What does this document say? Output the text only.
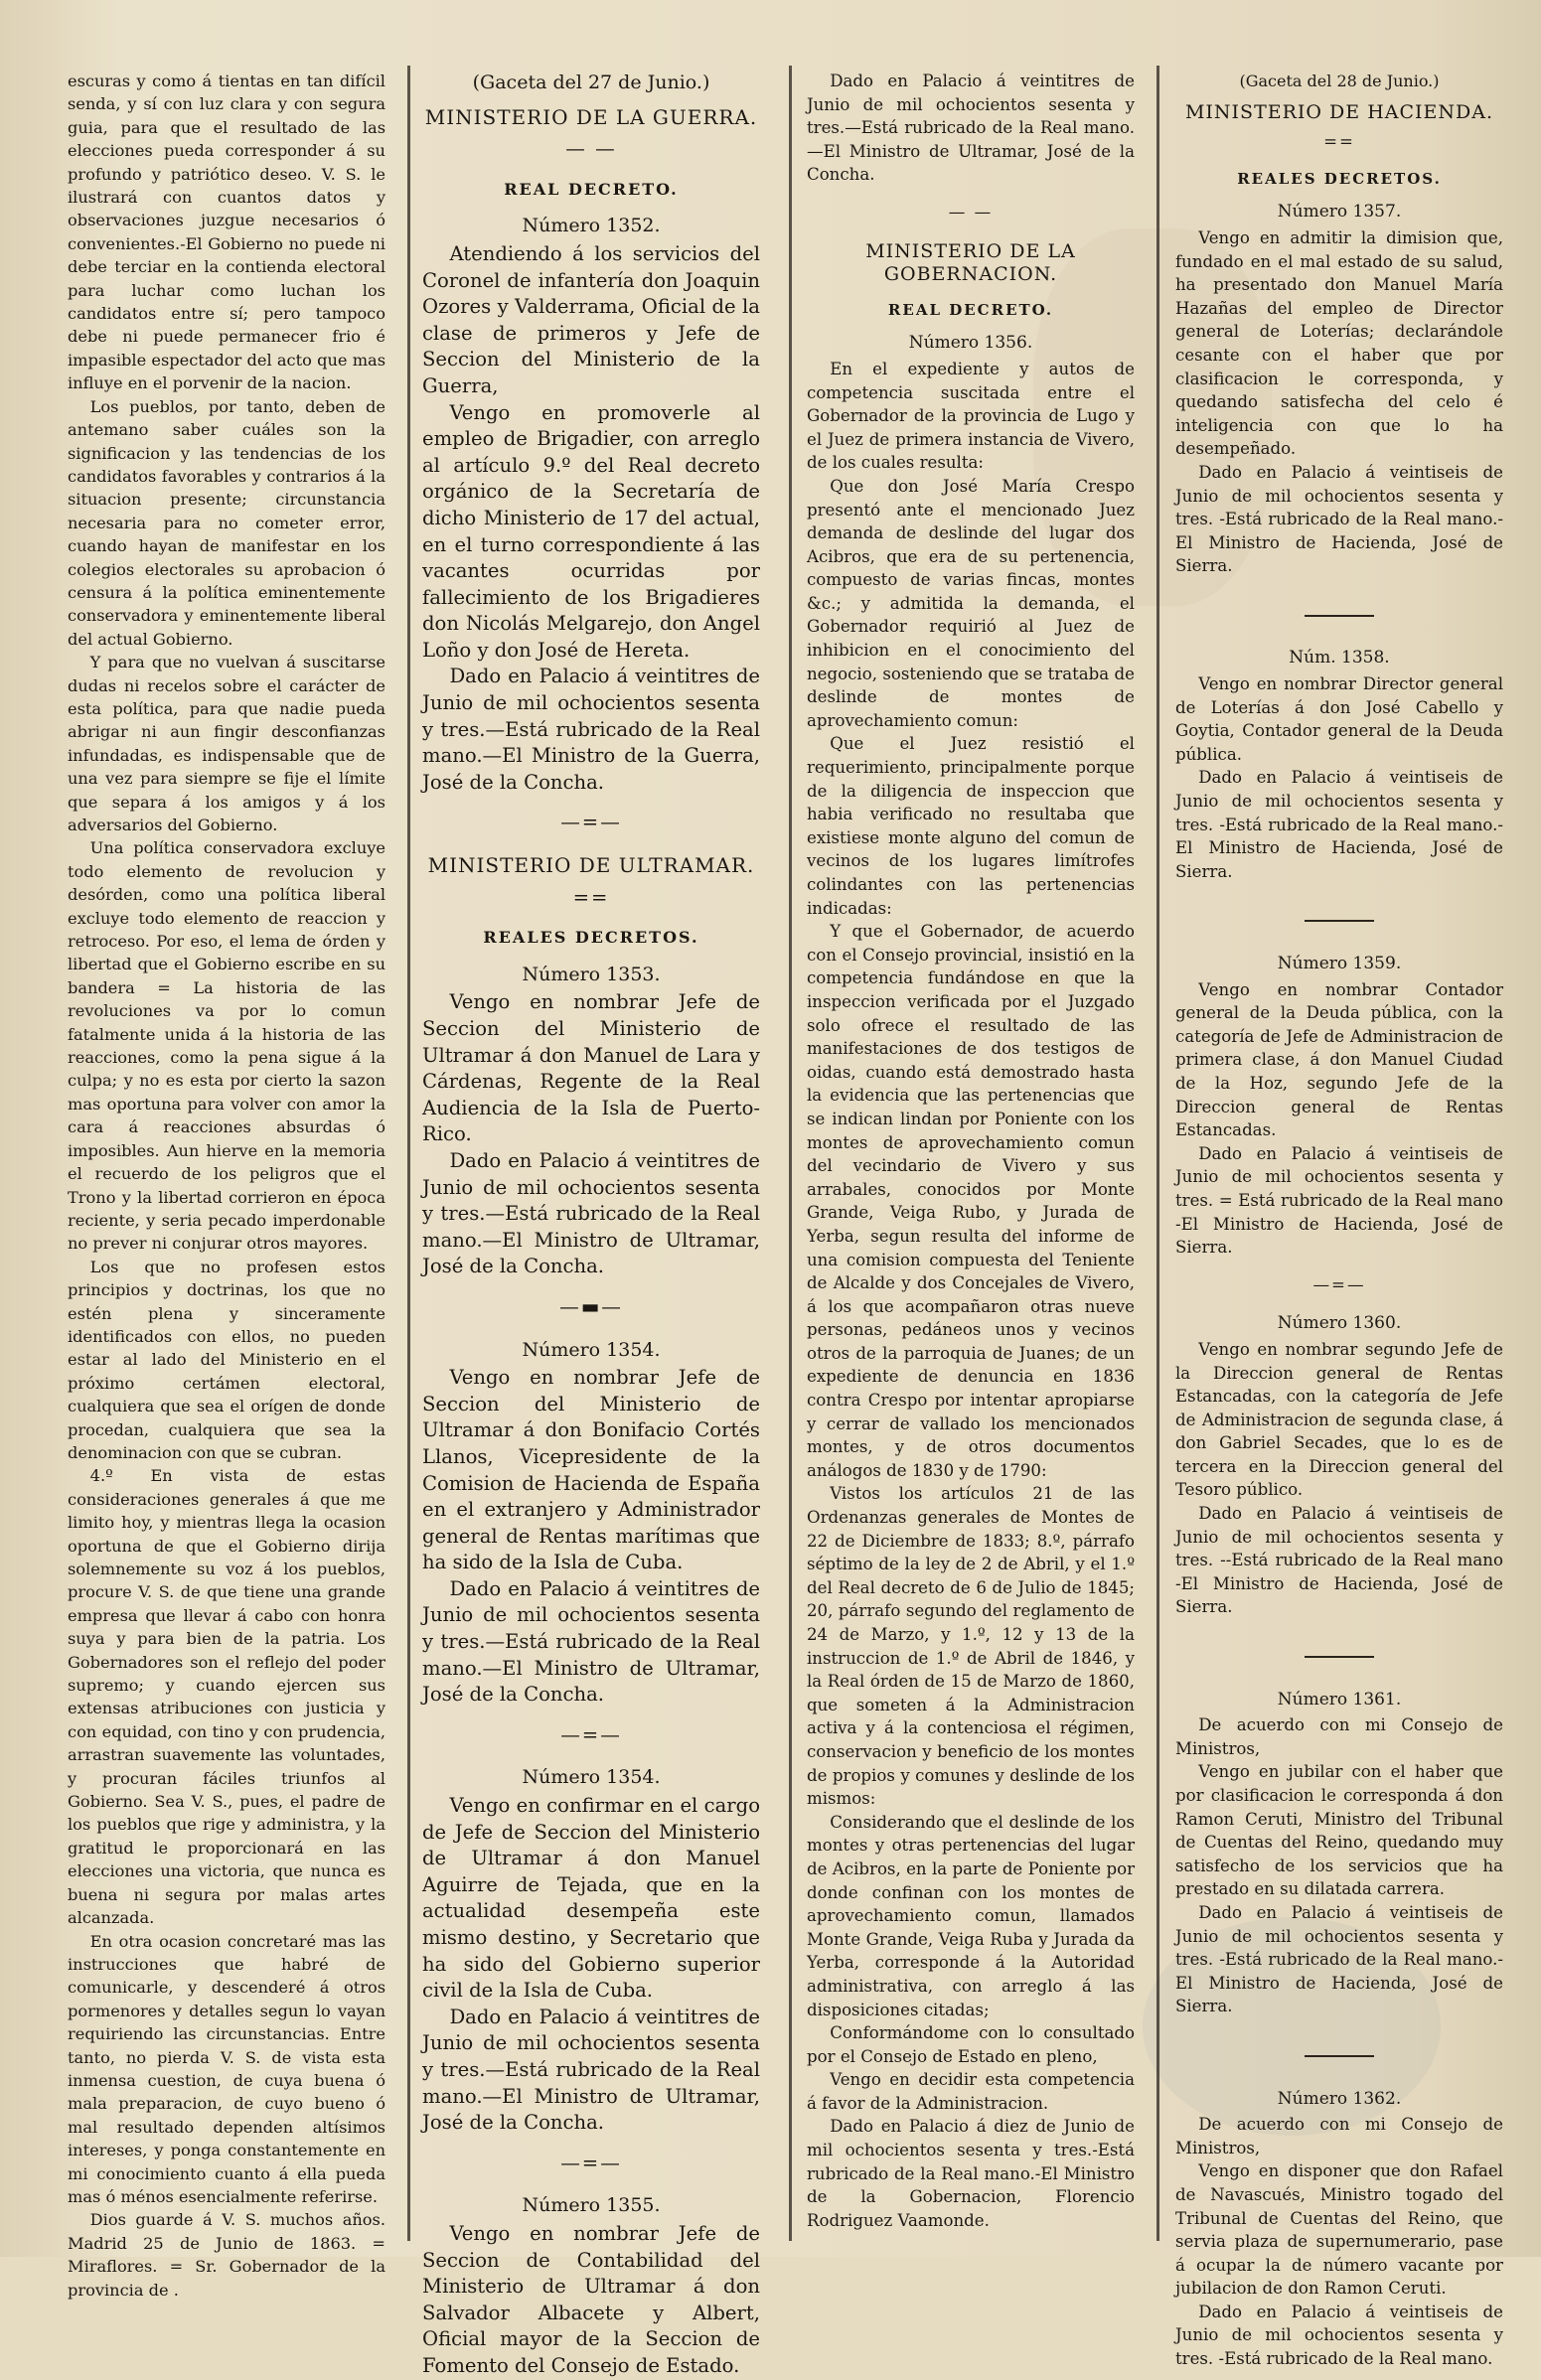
escuras y como á tientas en tan difícil senda, y sí con luz clara y con segura guia, para que el resultado de las elecciones pueda corresponder á su profundo y patriótico deseo. V. S. le ilustrará con cuantos datos y observaciones juzgue necesarios ó convenientes.-El Gobierno no puede ni debe terciar en la contienda electoral para luchar como luchan los candidatos entre sí; pero tampoco debe ni puede permanecer frio é impasible espectador del acto que mas influye en el porvenir de la nacion.

Los pueblos, por tanto, deben de antemano saber cuáles son la significacion y las tendencias de los candidatos favorables y contrarios á la situacion presente; circunstancia necesaria para no cometer error, cuando hayan de manifestar en los colegios electorales su aprobacion ó censura á la política eminentemente conservadora y eminentemente liberal del actual Gobierno.

Y para que no vuelvan á suscitarse dudas ni recelos sobre el carácter de esta política, para que nadie pueda abrigar ni aun fingir desconfianzas infundadas, es indispensable que de una vez para siempre se fije el límite que separa á los amigos y á los adversarios del Gobierno.

Una política conservadora excluye todo elemento de revolucion y desórden, como una política liberal excluye todo elemento de reaccion y retroceso. Por eso, el lema de órden y libertad que el Gobierno escribe en su bandera = La historia de las revoluciones va por lo comun fatalmente unida á la historia de las reacciones, como la pena sigue á la culpa; y no es esta por cierto la sazon mas oportuna para volver con amor la cara á reacciones absurdas ó imposibles. Aun hierve en la memoria el recuerdo de los peligros que el Trono y la libertad corrieron en época reciente, y seria pecado imperdonable no prever ni conjurar otros mayores.

Los que no profesen estos principios y doctrinas, los que no estén plena y sinceramente identificados con ellos, no pueden estar al lado del Ministerio en el próximo certámen electoral, cualquiera que sea el orígen de donde procedan, cualquiera que sea la denominacion con que se cubran.

4.º En vista de estas consideraciones generales á que me limito hoy, y mientras llega la ocasion oportuna de que el Gobierno dirija solemnemente su voz á los pueblos, procure V. S. de que tiene una grande empresa que llevar á cabo con honra suya y para bien de la patria. Los Gobernadores son el reflejo del poder supremo; y cuando ejercen sus extensas atribuciones con justicia y con equidad, con tino y con prudencia, arrastran suavemente las voluntades, y procuran fáciles triunfos al Gobierno. Sea V. S., pues, el padre de los pueblos que rige y administra, y la gratitud le proporcionará en las elecciones una victoria, que nunca es buena ni segura por malas artes alcanzada.

En otra ocasion concretaré mas las instrucciones que habré de comunicarle, y descenderé á otros pormenores y detalles segun lo vayan requiriendo las circunstancias. Entre tanto, no pierda V. S. de vista esta inmensa cuestion, de cuya buena ó mala preparacion, de cuyo bueno ó mal resultado dependen altísimos intereses, y ponga constantemente en mi conocimiento cuanto á ella pueda mas ó ménos esencialmente referirse.

Dios guarde á V. S. muchos años. Madrid 25 de Junio de 1863. = Miraflores. = Sr. Gobernador de la provincia de .

(Gaceta del 27 de Junio.)

MINISTERIO DE LA GUERRA.

— —

REAL DECRETO.

Número 1352.

Atendiendo á los servicios del Coronel de infantería don Joaquin Ozores y Valderrama, Oficial de la clase de primeros y Jefe de Seccion del Ministerio de la Guerra,

Vengo en promoverle al empleo de Brigadier, con arreglo al artículo 9.º del Real decreto orgánico de la Secretaría de dicho Ministerio de 17 del actual, en el turno correspondiente á las vacantes ocurridas por fallecimiento de los Brigadieres don Nicolás Melgarejo, don Angel Loño y don José de Hereta.

Dado en Palacio á veintitres de Junio de mil ochocientos sesenta y tres.—Está rubricado de la Real mano.—El Ministro de la Guerra, José de la Concha.

—=—

MINISTERIO DE ULTRAMAR.

==

REALES DECRETOS.

Número 1353.

Vengo en nombrar Jefe de Seccion del Ministerio de Ultramar á don Manuel de Lara y Cárdenas, Regente de la Real Audiencia de la Isla de Puerto-Rico.

Dado en Palacio á veintitres de Junio de mil ochocientos sesenta y tres.—Está rubricado de la Real mano.—El Ministro de Ultramar, José de la Concha.

—▬—

Número 1354.

Vengo en nombrar Jefe de Seccion del Ministerio de Ultramar á don Bonifacio Cortés Llanos, Vicepresidente de la Comision de Hacienda de España en el extranjero y Administrador general de Rentas marítimas que ha sido de la Isla de Cuba.

Dado en Palacio á veintitres de Junio de mil ochocientos sesenta y tres.—Está rubricado de la Real mano.—El Ministro de Ultramar, José de la Concha.

—=—

Número 1354.

Vengo en confirmar en el cargo de Jefe de Seccion del Ministerio de Ultramar á don Manuel Aguirre de Tejada, que en la actualidad desempeña este mismo destino, y Secretario que ha sido del Gobierno superior civil de la Isla de Cuba.

Dado en Palacio á veintitres de Junio de mil ochocientos sesenta y tres.—Está rubricado de la Real mano.—El Ministro de Ultramar, José de la Concha.

—=—

Número 1355.

Vengo en nombrar Jefe de Seccion de Contabilidad del Ministerio de Ultramar á don Salvador Albacete y Albert, Oficial mayor de la Seccion de Fomento del Consejo de Estado.

Dado en Palacio á veintitres de Junio de mil ochocientos sesenta y tres.—Está rubricado de la Real mano.—El Ministro de Ultramar, José de la Concha.

— —

MINISTERIO DE LA GOBERNACION.

REAL DECRETO.

Número 1356.

En el expediente y autos de competencia suscitada entre el Gobernador de la provincia de Lugo y el Juez de primera instancia de Vivero, de los cuales resulta:

Que don José María Crespo presentó ante el mencionado Juez demanda de deslinde del lugar dos Acibros, que era de su pertenencia, compuesto de varias fincas, montes &c.; y admitida la demanda, el Gobernador requirió al Juez de inhibicion en el conocimiento del negocio, sosteniendo que se trataba de deslinde de montes de aprovechamiento comun:

Que el Juez resistió el requerimiento, principalmente porque de la diligencia de inspeccion que habia verificado no resultaba que existiese monte alguno del comun de vecinos de los lugares limítrofes colindantes con las pertenencias indicadas:

Y que el Gobernador, de acuerdo con el Consejo provincial, insistió en la competencia fundándose en que la inspeccion verificada por el Juzgado solo ofrece el resultado de las manifestaciones de dos testigos de oidas, cuando está demostrado hasta la evidencia que las pertenencias que se indican lindan por Poniente con los montes de aprovechamiento comun del vecindario de Vivero y sus arrabales, conocidos por Monte Grande, Veiga Rubo, y Jurada de Yerba, segun resulta del informe de una comision compuesta del Teniente de Alcalde y dos Concejales de Vivero, á los que acompañaron otras nueve personas, pedáneos unos y vecinos otros de la parroquia de Juanes; de un expediente de denuncia en 1836 contra Crespo por intentar apropiarse y cerrar de vallado los mencionados montes, y de otros documentos análogos de 1830 y de 1790:

Vistos los artículos 21 de las Ordenanzas generales de Montes de 22 de Diciembre de 1833; 8.º, párrafo séptimo de la ley de 2 de Abril, y el 1.º del Real decreto de 6 de Julio de 1845; 20, párrafo segundo del reglamento de 24 de Marzo, y 1.º, 12 y 13 de la instruccion de 1.º de Abril de 1846, y la Real órden de 15 de Marzo de 1860, que someten á la Administracion activa y á la contenciosa el régimen, conservacion y beneficio de los montes de propios y comunes y deslinde de los mismos:

Considerando que el deslinde de los montes y otras pertenencias del lugar de Acibros, en la parte de Poniente por donde confinan con los montes de aprovechamiento comun, llamados Monte Grande, Veiga Ruba y Jurada da Yerba, corresponde á la Autoridad administrativa, con arreglo á las disposiciones citadas;

Conformándome con lo consultado por el Consejo de Estado en pleno,

Vengo en decidir esta competencia á favor de la Administracion.

Dado en Palacio á diez de Junio de mil ochocientos sesenta y tres.-Está rubricado de la Real mano.-El Ministro de la Gobernacion, Florencio Rodriguez Vaamonde.

(Gaceta del 28 de Junio.)

MINISTERIO DE HACIENDA.

==

REALES DECRETOS.

Número 1357.

Vengo en admitir la dimision que, fundado en el mal estado de su salud, ha presentado don Manuel María Hazañas del empleo de Director general de Loterías; declarándole cesante con el haber que por clasificacion le corresponda, y quedando satisfecha del celo é inteligencia con que lo ha desempeñado.

Dado en Palacio á veintiseis de Junio de mil ochocientos sesenta y tres. -Está rubricado de la Real mano.-El Ministro de Hacienda, José de Sierra.

Núm. 1358.

Vengo en nombrar Director general de Loterías á don José Cabello y Goytia, Contador general de la Deuda pública.

Dado en Palacio á veintiseis de Junio de mil ochocientos sesenta y tres. -Está rubricado de la Real mano.-El Ministro de Hacienda, José de Sierra.

Número 1359.

Vengo en nombrar Contador general de la Deuda pública, con la categoría de Jefe de Administracion de primera clase, á don Manuel Ciudad de la Hoz, segundo Jefe de la Direccion general de Rentas Estancadas.

Dado en Palacio á veintiseis de Junio de mil ochocientos sesenta y tres. = Está rubricado de la Real mano -El Ministro de Hacienda, José de Sierra.

—=—

Número 1360.

Vengo en nombrar segundo Jefe de la Direccion general de Rentas Estancadas, con la categoría de Jefe de Administracion de segunda clase, á don Gabriel Secades, que lo es de tercera en la Direccion general del Tesoro público.

Dado en Palacio á veintiseis de Junio de mil ochocientos sesenta y tres. --Está rubricado de la Real mano -El Ministro de Hacienda, José de Sierra.

Número 1361.

De acuerdo con mi Consejo de Ministros,

Vengo en jubilar con el haber que por clasificacion le corresponda á don Ramon Ceruti, Ministro del Tribunal de Cuentas del Reino, quedando muy satisfecho de los servicios que ha prestado en su dilatada carrera.

Dado en Palacio á veintiseis de Junio de mil ochocientos sesenta y tres. -Está rubricado de la Real mano.-El Ministro de Hacienda, José de Sierra.

Número 1362.

De acuerdo con mi Consejo de Ministros,

Vengo en disponer que don Rafael de Navascués, Ministro togado del Tribunal de Cuentas del Reino, que servia plaza de supernumerario, pase á ocupar la de número vacante por jubilacion de don Ramon Ceruti.

Dado en Palacio á veintiseis de Junio de mil ochocientos sesenta y tres. -Está rubricado de la Real mano.
